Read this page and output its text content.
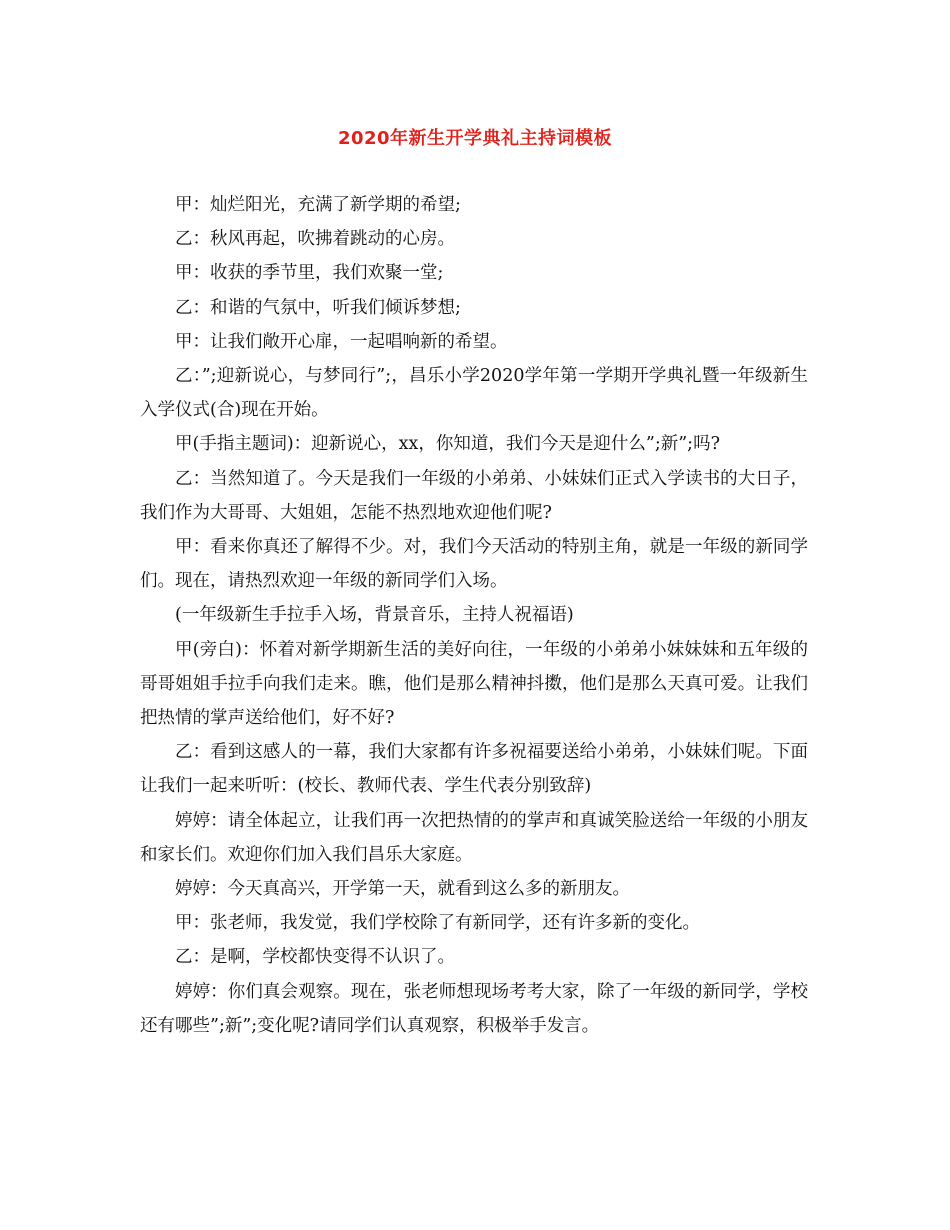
2020年新生开学典礼主持词模板

甲：灿烂阳光，充满了新学期的希望;

乙：秋风再起，吹拂着跳动的心房。

甲：收获的季节里，我们欢聚一堂;

乙：和谐的气氛中，听我们倾诉梦想;

甲：让我们敞开心扉，一起唱响新的希望。

乙：”;迎新说心，与梦同行”;，昌乐小学2020学年第一学期开学典礼暨一年级新生入学仪式(合)现在开始。

甲(手指主题词)：迎新说心，xx，你知道，我们今天是迎什么”;新”;吗?

乙：当然知道了。今天是我们一年级的小弟弟、小妹妹们正式入学读书的大日子，我们作为大哥哥、大姐姐，怎能不热烈地欢迎他们呢?

甲：看来你真还了解得不少。对，我们今天活动的特别主角，就是一年级的新同学们。现在，请热烈欢迎一年级的新同学们入场。

(一年级新生手拉手入场，背景音乐，主持人祝福语)

甲(旁白)：怀着对新学期新生活的美好向往，一年级的小弟弟小妹妹妹和五年级的哥哥姐姐手拉手向我们走来。瞧，他们是那么精神抖擞，他们是那么天真可爱。让我们把热情的掌声送给他们，好不好?

乙：看到这感人的一幕，我们大家都有许多祝福要送给小弟弟，小妹妹们呢。下面让我们一起来听听：(校长、教师代表、学生代表分别致辞)

婷婷：请全体起立，让我们再一次把热情的的掌声和真诚笑脸送给一年级的小朋友和家长们。欢迎你们加入我们昌乐大家庭。

婷婷：今天真高兴，开学第一天，就看到这么多的新朋友。

甲：张老师，我发觉，我们学校除了有新同学，还有许多新的变化。

乙：是啊，学校都快变得不认识了。

婷婷：你们真会观察。现在，张老师想现场考考大家，除了一年级的新同学，学校还有哪些”;新”;变化呢?请同学们认真观察，积极举手发言。
